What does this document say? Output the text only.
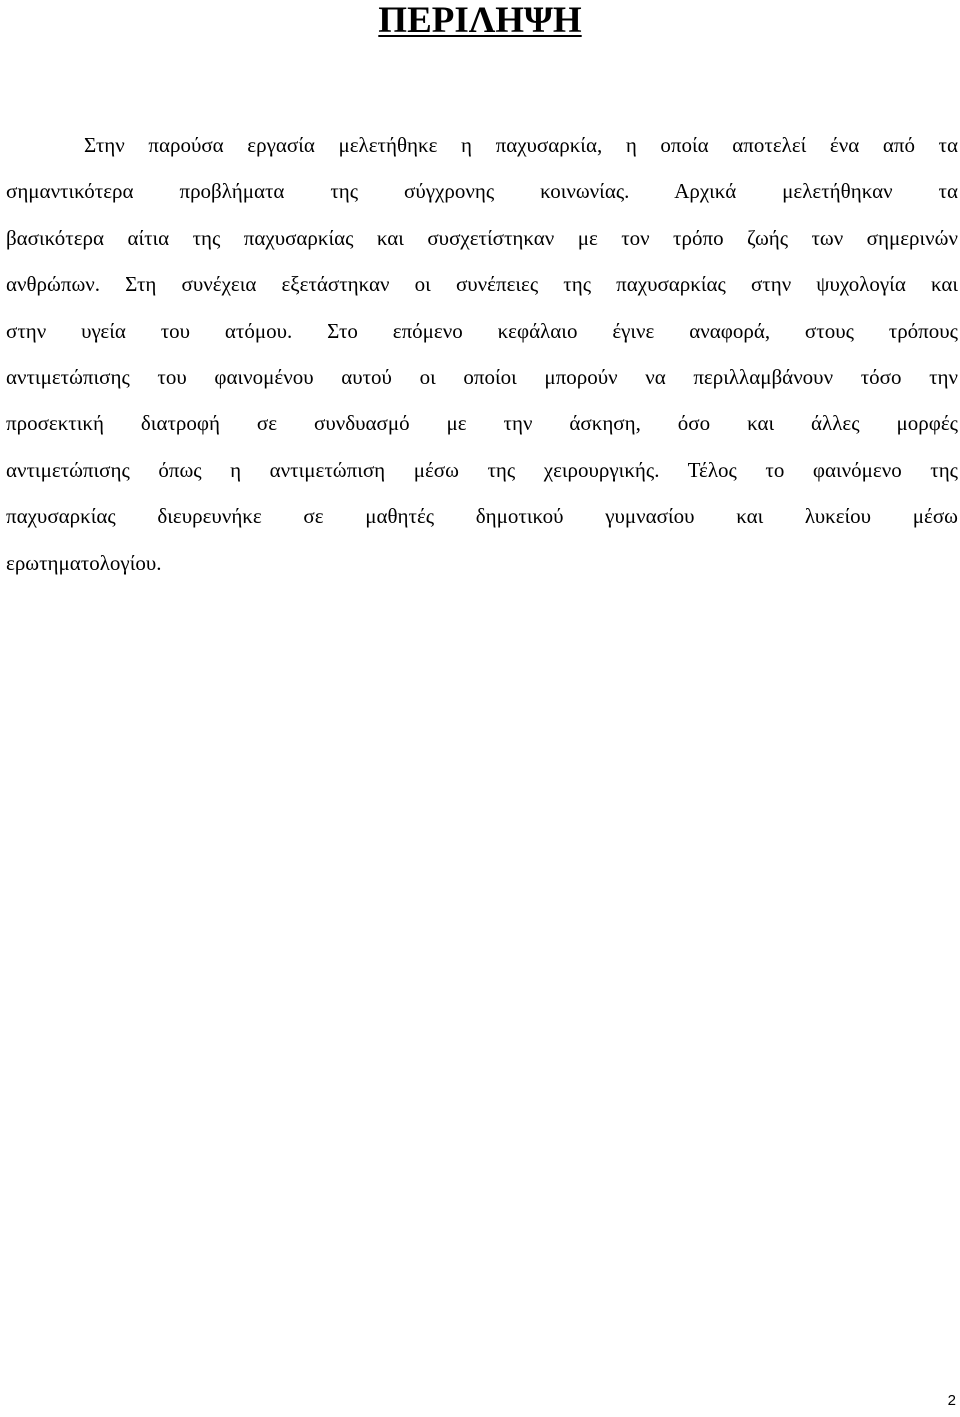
ΠΕΡΙΛΗΨΗ
Στην παρούσα εργασία μελετήθηκε η παχυσαρκία, η οποία αποτελεί ένα από τα
σημαντικότερα προβλήματα της σύγχρονης κοινωνίας. Αρχικά μελετήθηκαν τα
βασικότερα αίτια της παχυσαρκίας και συσχετίστηκαν με τον τρόπο ζωής των σημερινών
ανθρώπων. Στη συνέχεια εξετάστηκαν οι συνέπειες της παχυσαρκίας στην ψυχολογία και
στην υγεία του ατόμου. Στο επόμενο κεφάλαιο έγινε αναφορά, στους τρόπους
αντιμετώπισης του φαινομένου αυτού οι οποίοι μπορούν να περιλλαμβάνουν τόσο την
προσεκτική διατροφή σε συνδυασμό με την άσκηση, όσο και άλλες μορφές
αντιμετώπισης όπως η αντιμετώπιση μέσω της χειρουργικής. Τέλος το φαινόμενο της
παχυσαρκίας διευρευνήκε σε μαθητές δημοτικού γυμνασίου και λυκείου μέσω
ερωτηματολογίου.
2
